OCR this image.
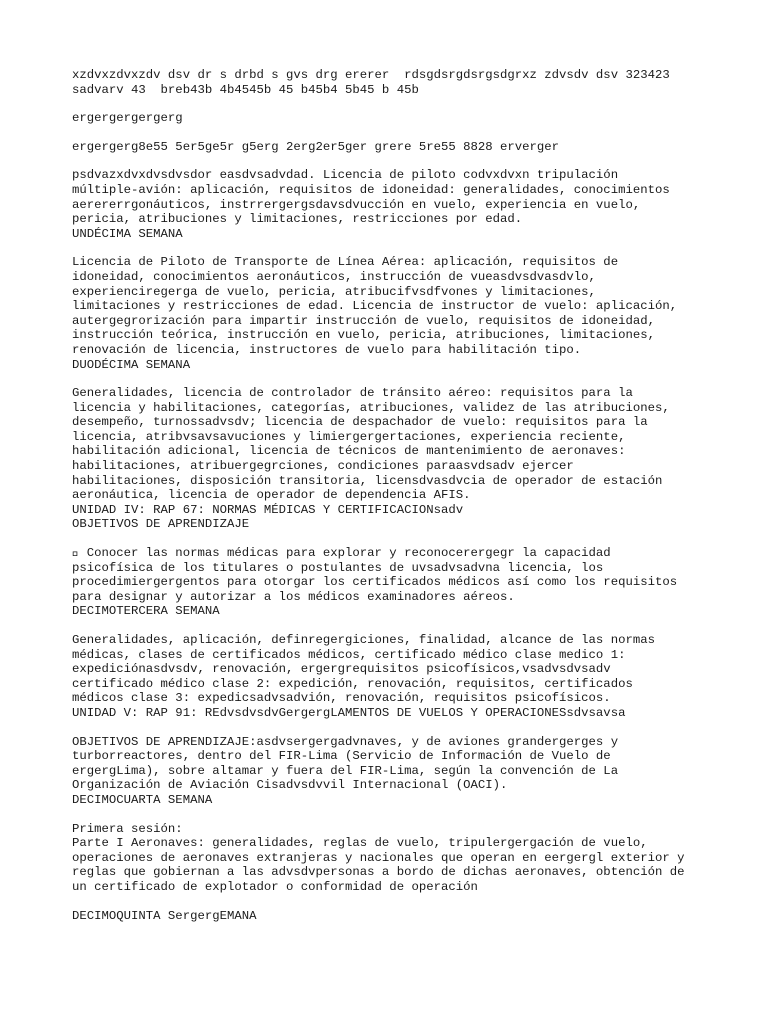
xzdvxzdvxzdv dsv dr s drbd s gvs drg ererer  rdsgdsrgdsrgsdgrxz zdvsdv dsv 323423
sadvarv 43  breb43b 4b4545b 45 b45b4 5b45 b 45b
ergergergergerg
ergergerg8e55 5er5ge5r g5erg 2erg2er5ger grere 5re55 8828 erverger
psdvazxdvxdvsdvsdor easdvsadvdad. Licencia de piloto codvxdvxn tripulación
múltiple-avión: aplicación, requisitos de idoneidad: generalidades, conocimientos
aerererrgonáuticos, instrrergergsdavsdvucción en vuelo, experiencia en vuelo,
pericia, atribuciones y limitaciones, restricciones por edad.
UNDÉCIMA SEMANA
Licencia de Piloto de Transporte de Línea Aérea: aplicación, requisitos de
idoneidad, conocimientos aeronáuticos, instrucción de vueasdvsdvasdvlo,
experienciregerga de vuelo, pericia, atribucifvsdfvones y limitaciones,
limitaciones y restricciones de edad. Licencia de instructor de vuelo: aplicación,
autergegrorización para impartir instrucción de vuelo, requisitos de idoneidad,
instrucción teórica, instrucción en vuelo, pericia, atribuciones, limitaciones,
renovación de licencia, instructores de vuelo para habilitación tipo.
DUODÉCIMA SEMANA
Generalidades, licencia de controlador de tránsito aéreo: requisitos para la
licencia y habilitaciones, categorías, atribuciones, validez de las atribuciones,
desempeño, turnossadvsdv; licencia de despachador de vuelo: requisitos para la
licencia, atribvsavsavuciones y limiergergertaciones, experiencia reciente,
habilitación adicional, licencia de técnicos de mantenimiento de aeronaves:
habilitaciones, atribuergegrciones, condiciones paraasvdsadv ejercer
habilitaciones, disposición transitoria, licensdvasdvcia de operador de estación
aeronáutica, licencia de operador de dependencia AFIS.
UNIDAD IV: RAP 67: NORMAS MÉDICAS Y CERTIFICACIONsadv
OBJETIVOS DE APRENDIZAJE
Conocer las normas médicas para explorar y reconocerergegr la capacidad
psicofísica de los titulares o postulantes de uvsadvsadvna licencia, los
procedimiergergentos para otorgar los certificados médicos así como los requisitos
para designar y autorizar a los médicos examinadores aéreos.
DECIMOTERCERA SEMANA
Generalidades, aplicación, definregergiciones, finalidad, alcance de las normas
médicas, clases de certificados médicos, certificado médico clase medico 1:
expediciónasdvsdv, renovación, ergergrequisitos psicofísicos,vsadvsdvsadv
certificado médico clase 2: expedición, renovación, requisitos, certificados
médicos clase 3: expedicsadvsadvión, renovación, requisitos psicofísicos.
UNIDAD V: RAP 91: REdvsdvsdvGergergLAMENTOS DE VUELOS Y OPERACIONESsdvsavsa
OBJETIVOS DE APRENDIZAJE:asdvsergergadvnaves, y de aviones grandergerges y
turborreactores, dentro del FIR-Lima (Servicio de Información de Vuelo de
ergergLima), sobre altamar y fuera del FIR-Lima, según la convención de La
Organización de Aviación Cisadvsdvvil Internacional (OACI).
DECIMOCUARTA SEMANA
Primera sesión:
Parte I Aeronaves: generalidades, reglas de vuelo, tripulergergación de vuelo,
operaciones de aeronaves extranjeras y nacionales que operan en eergergl exterior y
reglas que gobiernan a las advsdvpersonas a bordo de dichas aeronaves, obtención de
un certificado de explotador o conformidad de operación
DECIMOQUINTA SergergEMANA
